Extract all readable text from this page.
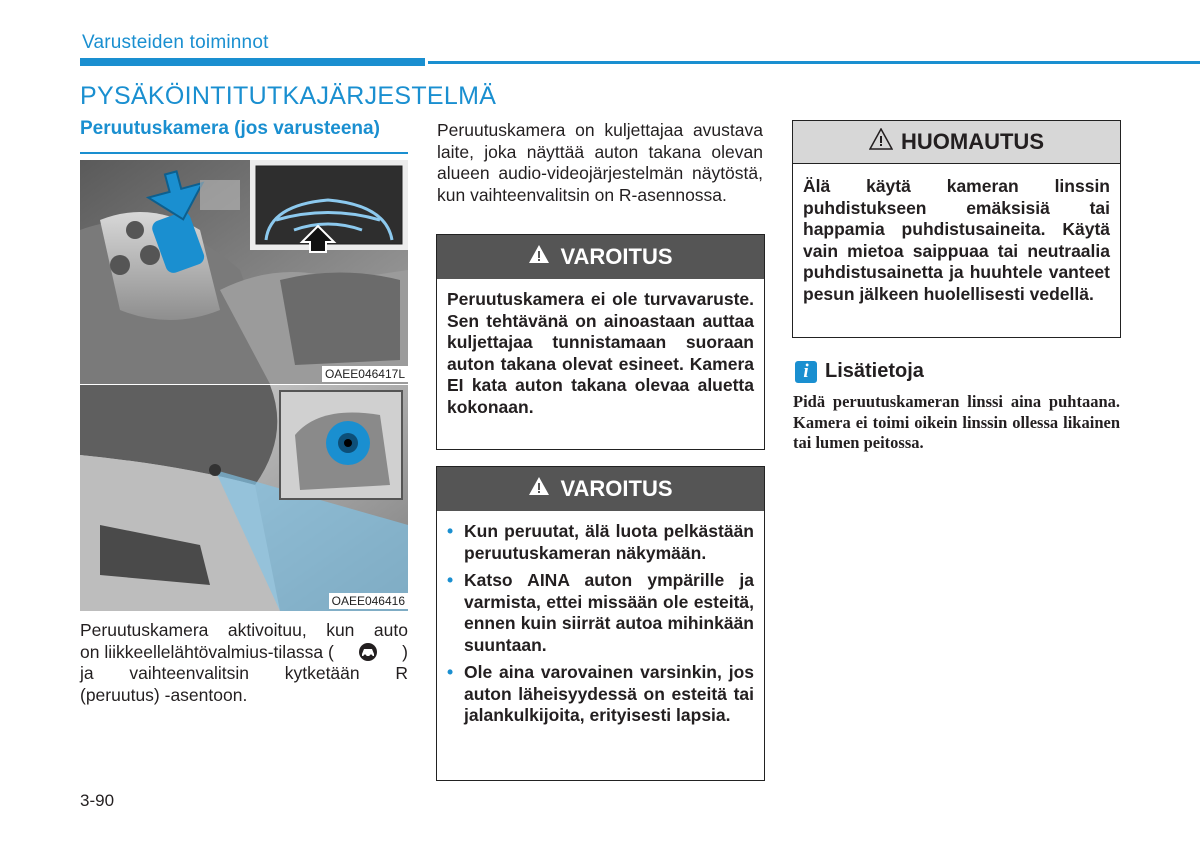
Varusteiden toiminnot
PYSÄKÖINTITUTKAJÄRJESTELMÄ
Peruutuskamera (jos varusteena)
OAEE046417L
OAEE046416
Peruutuskamera aktivoituu, kun auto
on liikkeellelähtövalmius-tilassa (	)
ja vaihteenvalitsin kytketään R
(peruutus) -asentoon.
Peruutuskamera on kuljettajaa avustava laite, joka näyttää auton takana olevan alueen audio-videojärjestelmän näytöstä, kun vaihteenvalitsin on R-asennossa.
VAROITUS
Peruutuskamera ei ole turvavaruste. Sen tehtävänä on ainoastaan auttaa kuljettajaa tunnistamaan suoraan auton takana olevat esineet. Kamera EI kata auton takana olevaa aluetta kokonaan.
VAROITUS
• Kun peruutat, älä luota pelkästään peruutuskameran näkymään.
• Katso AINA auton ympärille ja varmista, ettei missään ole esteitä, ennen kuin siirrät autoa mihinkään suuntaan.
• Ole aina varovainen varsinkin, jos auton läheisyydessä on esteitä tai jalankulkijoita, erityisesti lapsia.
HUOMAUTUS
Älä käytä kameran linssin puhdistukseen emäksisiä tai happamia puhdistusaineita. Käytä vain mietoa saippuaa tai neutraalia puhdistusainetta ja huuhtele vanteet pesun jälkeen huolellisesti vedellä.
i Lisätietoja
Pidä peruutuskameran linssi aina puhtaana. Kamera ei toimi oikein linssin ollessa likainen tai lumen peitossa.
3-90
